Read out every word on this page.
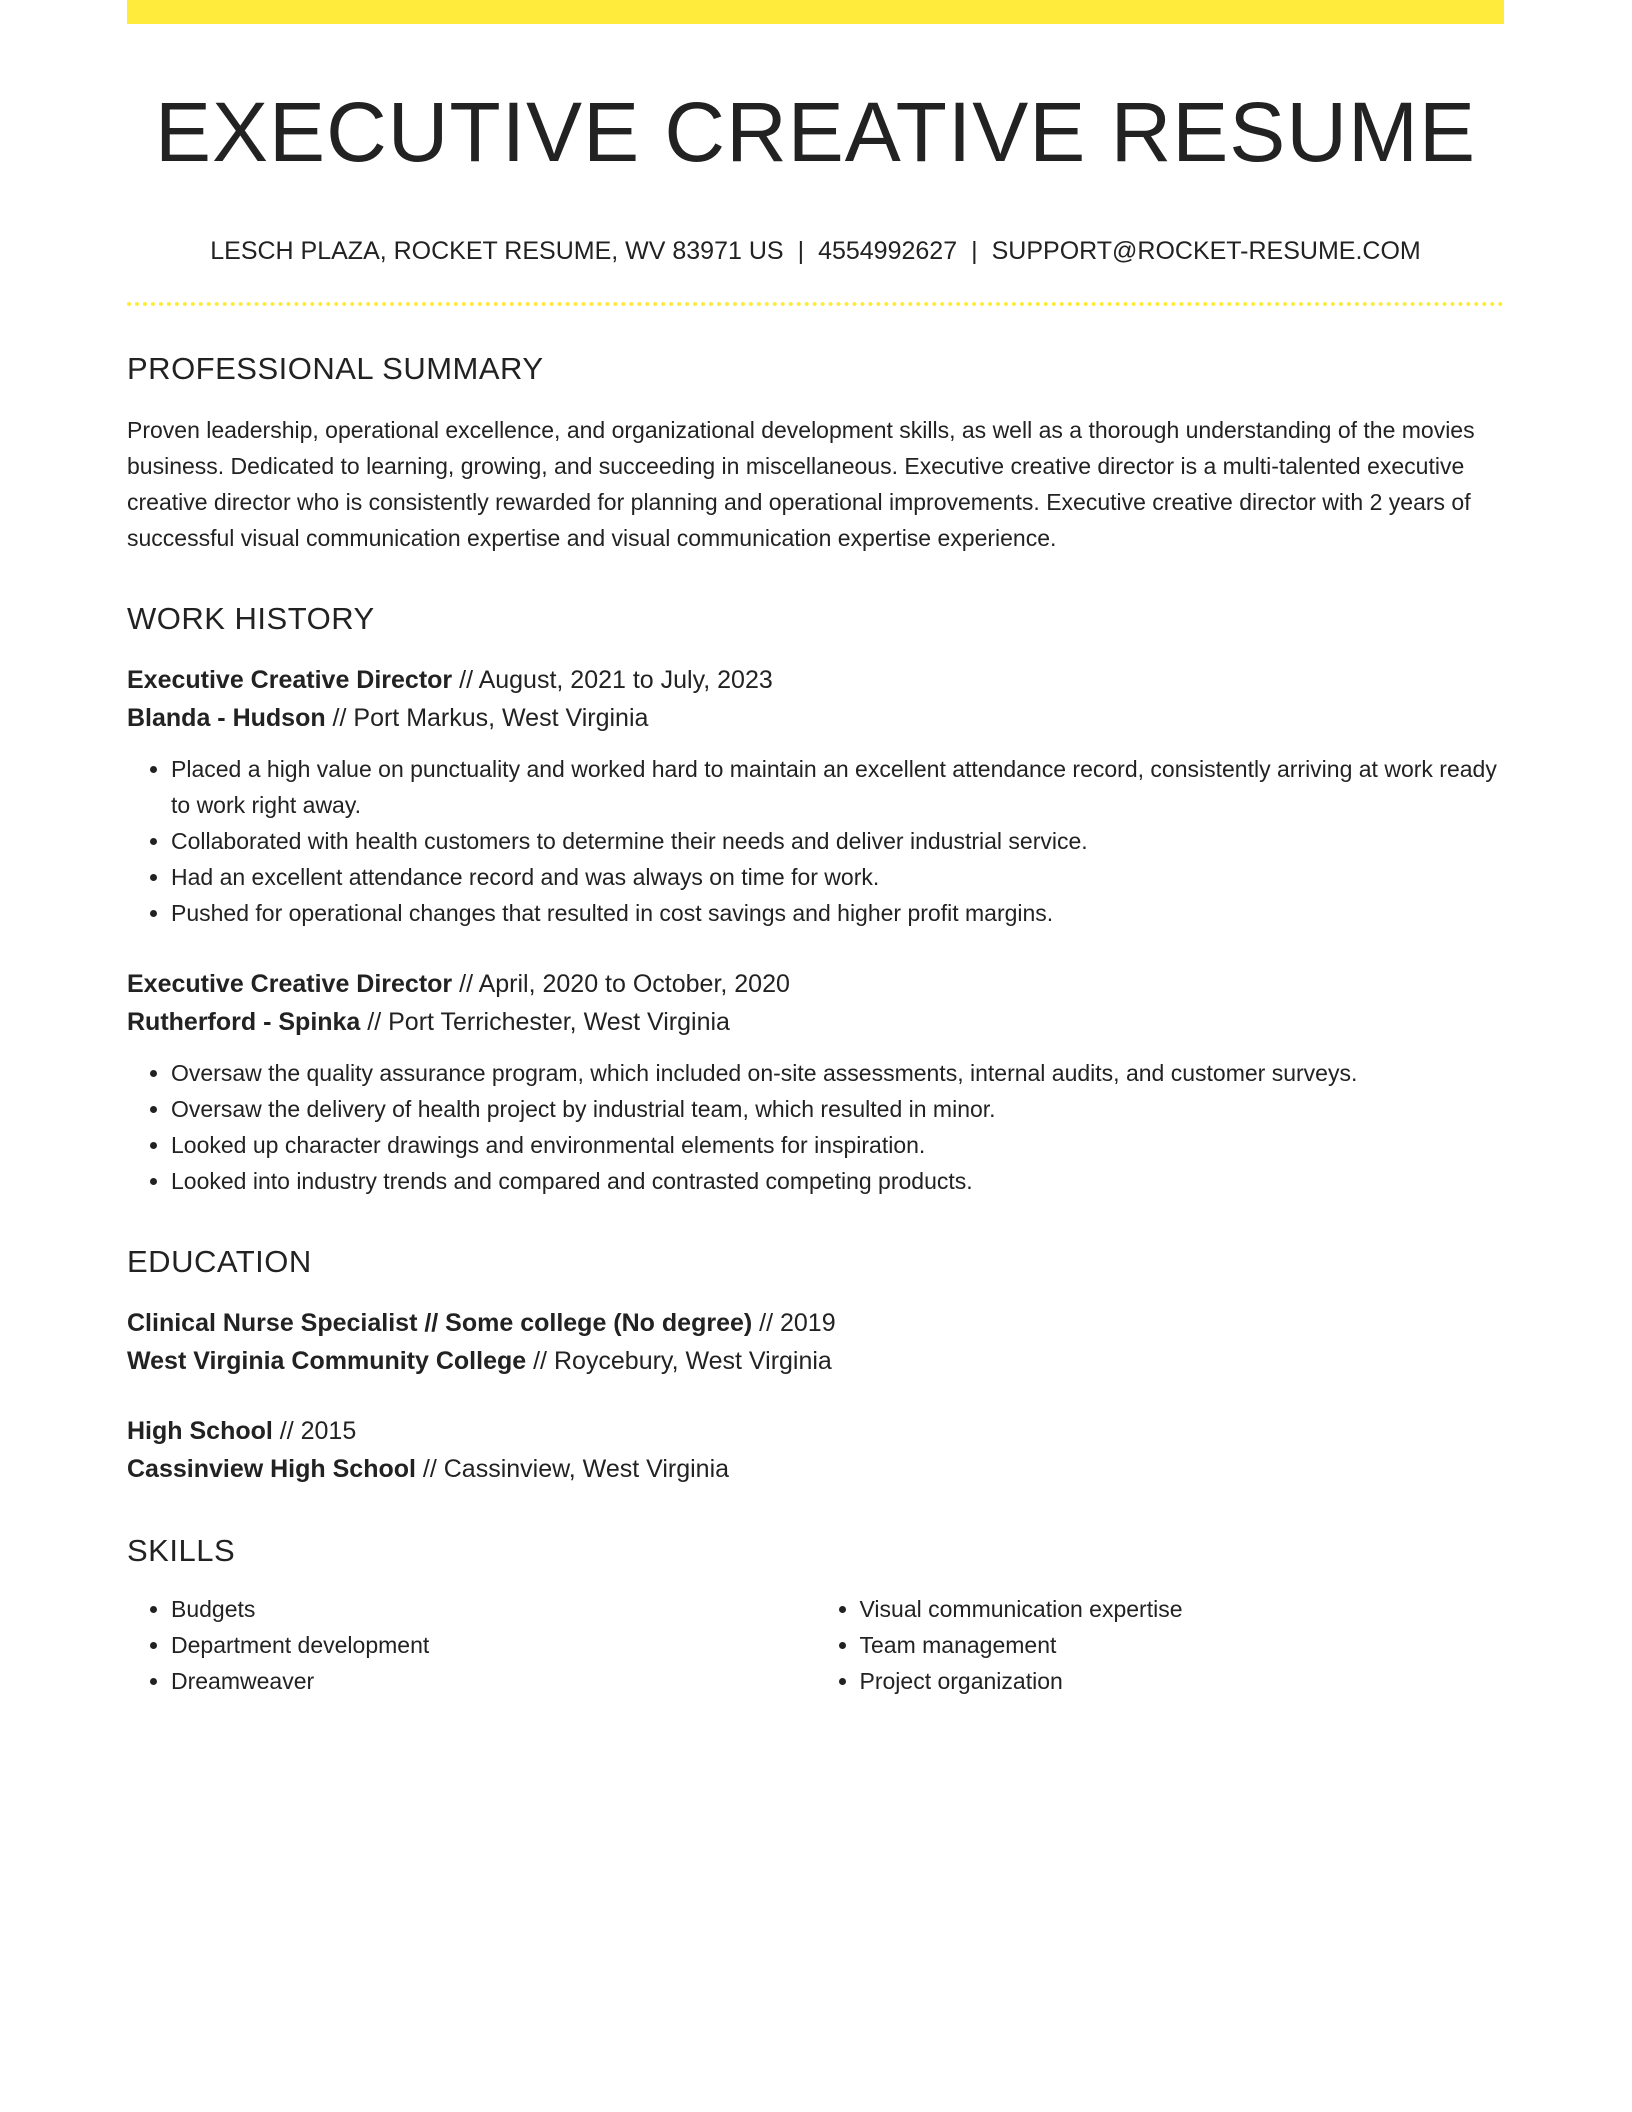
EXECUTIVE CREATIVE RESUME
LESCH PLAZA, ROCKET RESUME, WV 83971 US | 4554992627 | SUPPORT@ROCKET-RESUME.COM
PROFESSIONAL SUMMARY
Proven leadership, operational excellence, and organizational development skills, as well as a thorough understanding of the movies business. Dedicated to learning, growing, and succeeding in miscellaneous. Executive creative director is a multi-talented executive creative director who is consistently rewarded for planning and operational improvements. Executive creative director with 2 years of successful visual communication expertise and visual communication expertise experience.
WORK HISTORY
Executive Creative Director // August, 2021 to July, 2023
Blanda - Hudson // Port Markus, West Virginia
• Placed a high value on punctuality and worked hard to maintain an excellent attendance record, consistently arriving at work ready to work right away.
• Collaborated with health customers to determine their needs and deliver industrial service.
• Had an excellent attendance record and was always on time for work.
• Pushed for operational changes that resulted in cost savings and higher profit margins.
Executive Creative Director // April, 2020 to October, 2020
Rutherford - Spinka // Port Terrichester, West Virginia
• Oversaw the quality assurance program, which included on-site assessments, internal audits, and customer surveys.
• Oversaw the delivery of health project by industrial team, which resulted in minor.
• Looked up character drawings and environmental elements for inspiration.
• Looked into industry trends and compared and contrasted competing products.
EDUCATION
Clinical Nurse Specialist // Some college (No degree) // 2019
West Virginia Community College // Roycebury, West Virginia
High School // 2015
Cassinview High School // Cassinview, West Virginia
SKILLS
• Budgets
• Department development
• Dreamweaver
• Visual communication expertise
• Team management
• Project organization
